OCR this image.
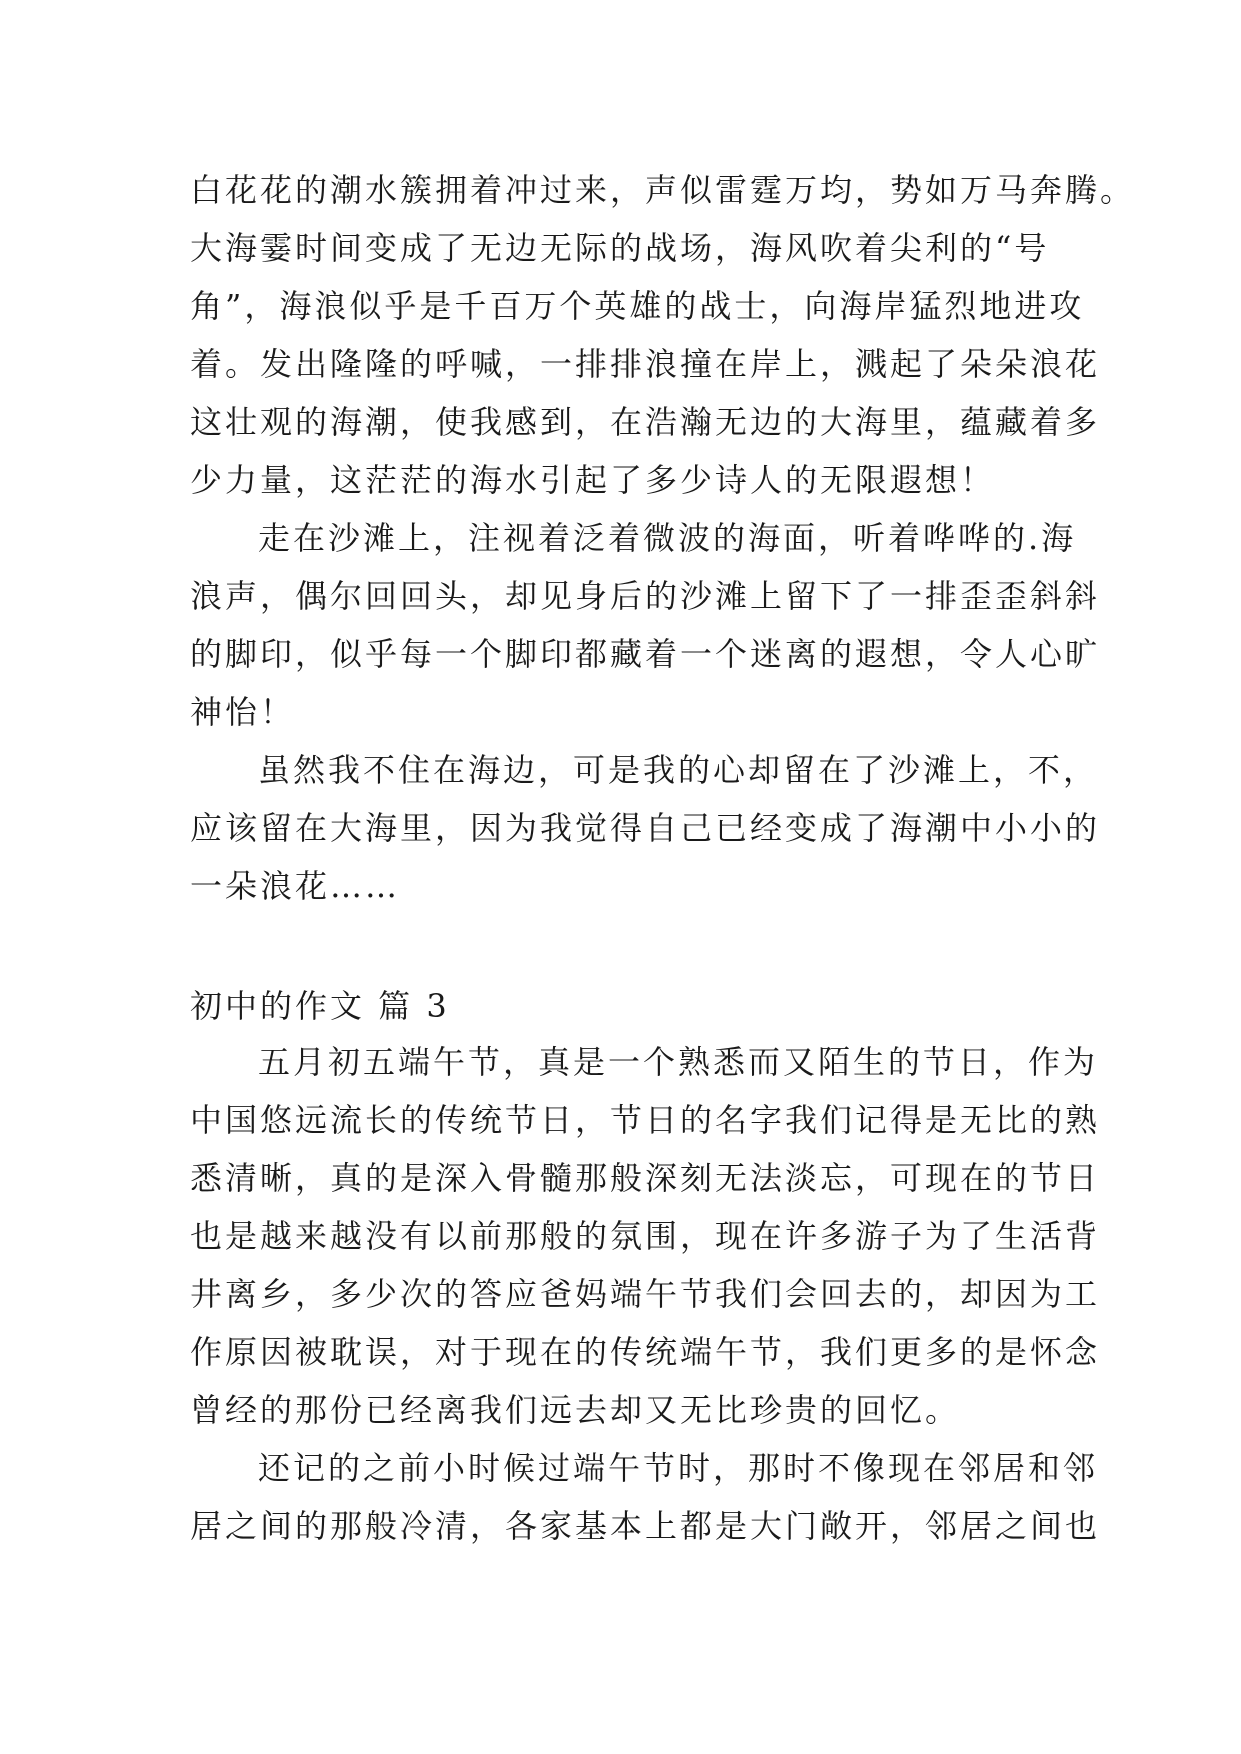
白花花的潮水簇拥着冲过来，声似雷霆万均，势如万马奔腾。
大海霎时间变成了无边无际的战场，海风吹着尖利的“号
角”，海浪似乎是千百万个英雄的战士，向海岸猛烈地进攻
着。发出隆隆的呼喊，一排排浪撞在岸上，溅起了朵朵浪花
这壮观的海潮，使我感到，在浩瀚无边的大海里，蕴藏着多
少力量，这茫茫的海水引起了多少诗人的无限遐想！
走在沙滩上，注视着泛着微波的海面，听着哗哗的.海
浪声，偶尔回回头，却见身后的沙滩上留下了一排歪歪斜斜
的脚印，似乎每一个脚印都藏着一个迷离的遐想，令人心旷
神怡！
虽然我不住在海边，可是我的心却留在了沙滩上，不，
应该留在大海里，因为我觉得自己已经变成了海潮中小小的
一朵浪花……
初中的作文 篇 3
五月初五端午节，真是一个熟悉而又陌生的节日，作为
中国悠远流长的传统节日，节日的名字我们记得是无比的熟
悉清晰，真的是深入骨髓那般深刻无法淡忘，可现在的节日
也是越来越没有以前那般的氛围，现在许多游子为了生活背
井离乡，多少次的答应爸妈端午节我们会回去的，却因为工
作原因被耽误，对于现在的传统端午节，我们更多的是怀念
曾经的那份已经离我们远去却又无比珍贵的回忆。
还记的之前小时候过端午节时，那时不像现在邻居和邻
居之间的那般冷清，各家基本上都是大门敞开，邻居之间也
